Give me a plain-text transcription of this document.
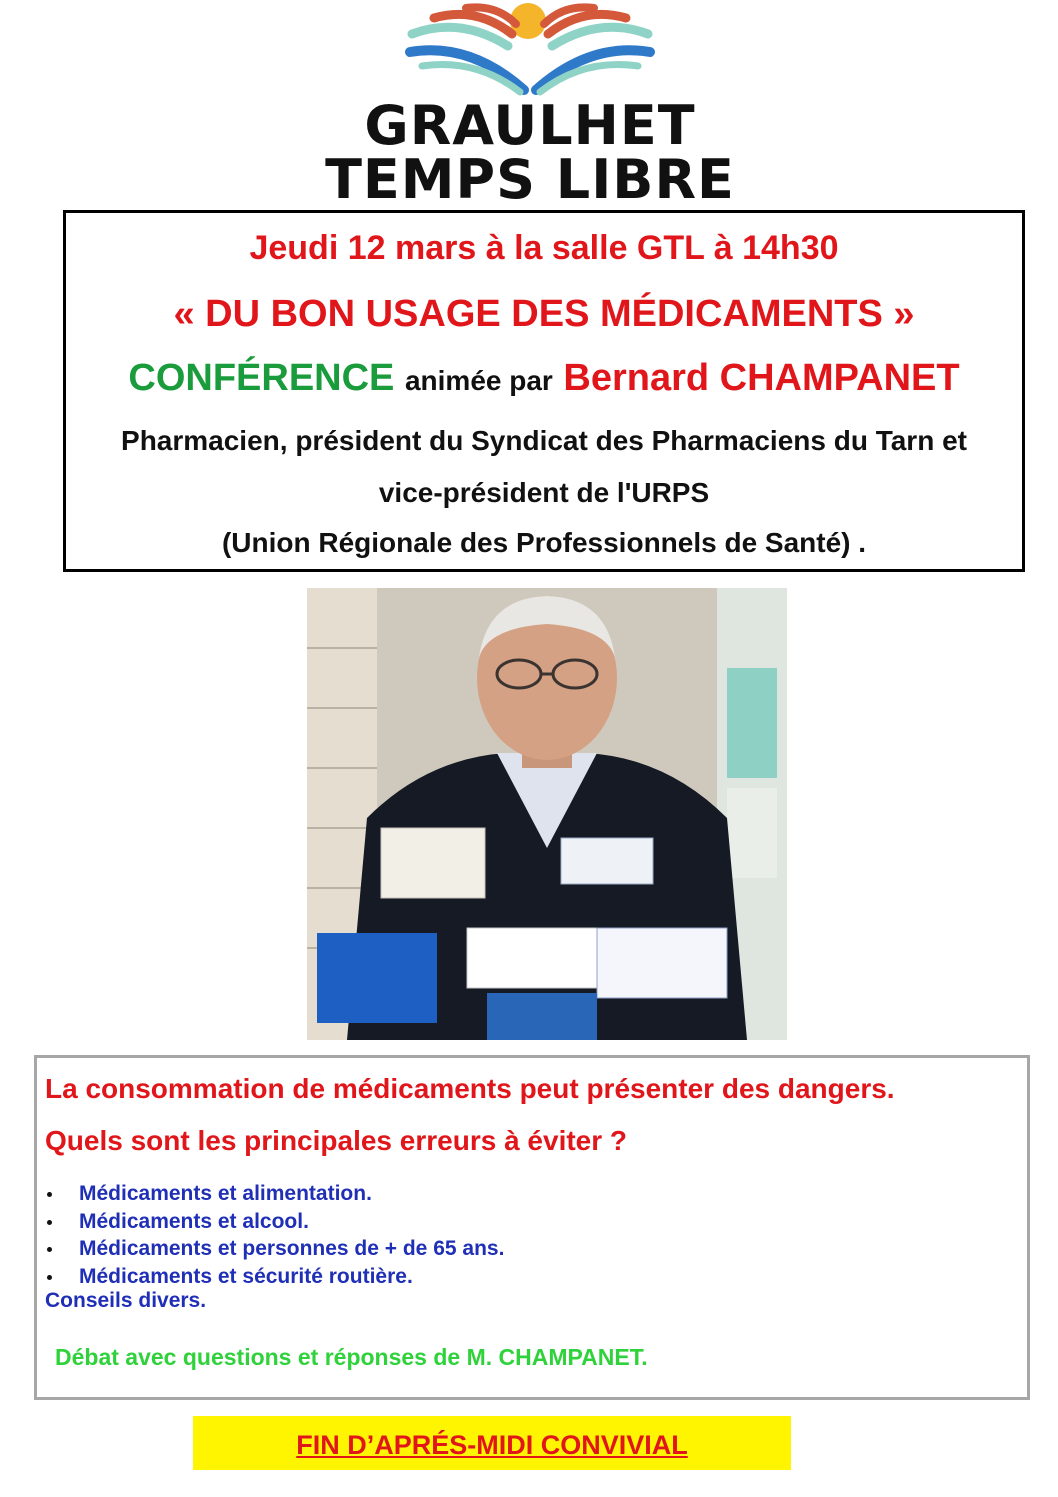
GRAULHET
TEMPS LIBRE
Jeudi 12 mars à la salle GTL à 14h30
« DU BON USAGE DES MÉDICAMENTS »
CONFÉRENCE animée par Bernard CHAMPANET
Pharmacien, président du Syndicat des Pharmaciens du Tarn et
vice-président de l'URPS
(Union Régionale des Professionnels de Santé) .
La consommation de médicaments peut présenter des dangers.
Quels sont les principales erreurs à éviter ?
Médicaments et alimentation.
Médicaments et alcool.
Médicaments et personnes de + de 65 ans.
Médicaments et sécurité routière.
Conseils divers.
Débat avec questions et réponses de M. CHAMPANET.
FIN D’APRÉS-MIDI CONVIVIAL
